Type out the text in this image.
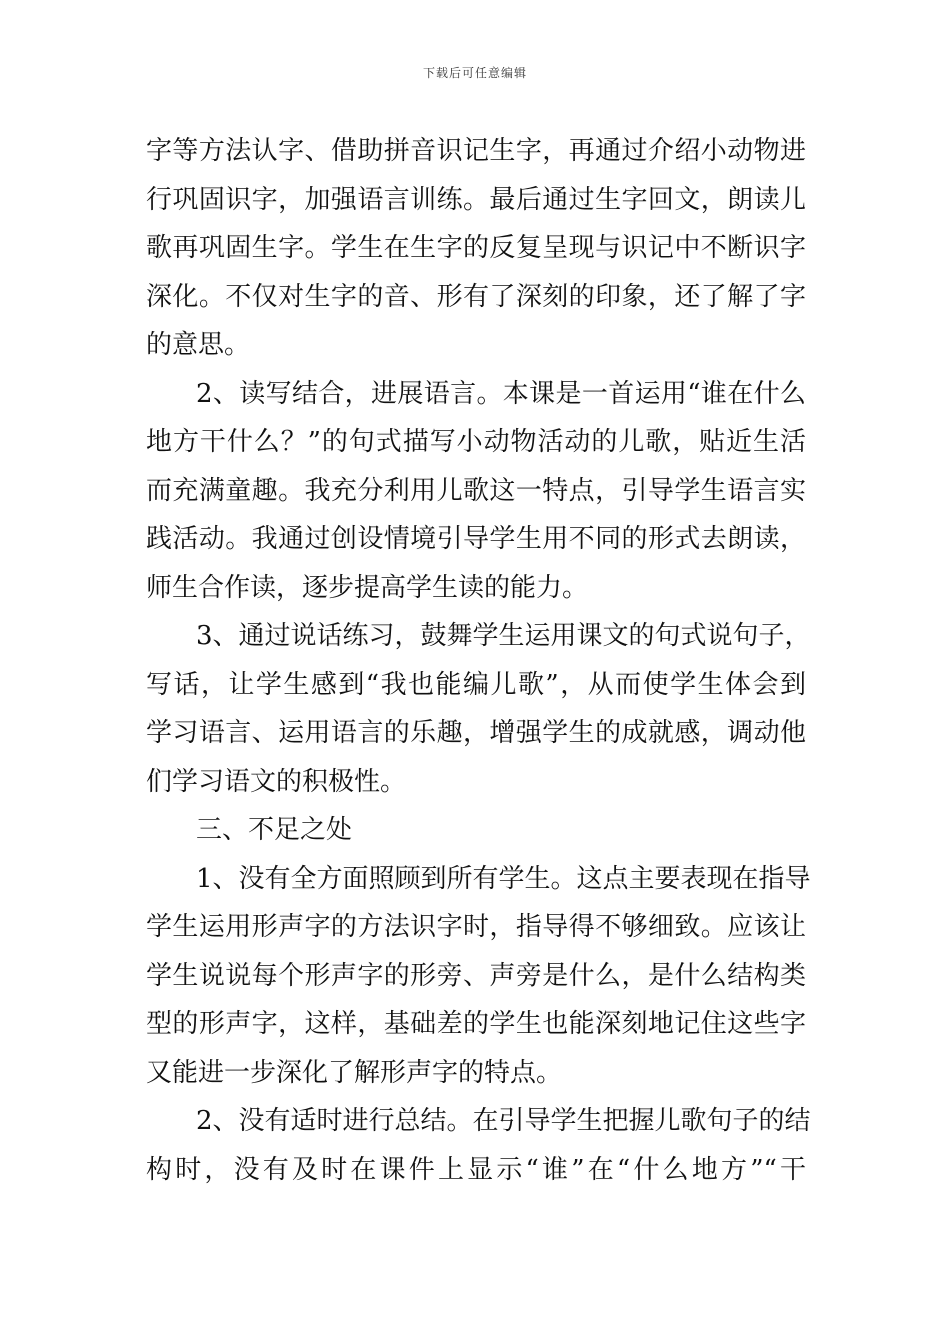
下载后可任意编辑
字等方法认字、借助拼音识记生字，再通过介绍小动物进
行巩固识字，加强语言训练。最后通过生字回文，朗读儿
歌再巩固生字。学生在生字的反复呈现与识记中不断识字
深化。不仅对生字的音、形有了深刻的印象，还了解了字
的意思。
2、读写结合，进展语言。本课是一首运用“谁在什么
地方干什么？”的句式描写小动物活动的儿歌，贴近生活
而充满童趣。我充分利用儿歌这一特点，引导学生语言实
践活动。我通过创设情境引导学生用不同的形式去朗读，
师生合作读，逐步提高学生读的能力。
3、通过说话练习，鼓舞学生运用课文的句式说句子，
写话，让学生感到“我也能编儿歌”，从而使学生体会到
学习语言、运用语言的乐趣，增强学生的成就感，调动他
们学习语文的积极性。
三、不足之处
1、没有全方面照顾到所有学生。这点主要表现在指导
学生运用形声字的方法识字时，指导得不够细致。应该让
学生说说每个形声字的形旁、声旁是什么，是什么结构类
型的形声字，这样，基础差的学生也能深刻地记住这些字
又能进一步深化了解形声字的特点。
2、没有适时进行总结。在引导学生把握儿歌句子的结
构时，没有及时在课件上显示“谁”在“什么地方”“干
